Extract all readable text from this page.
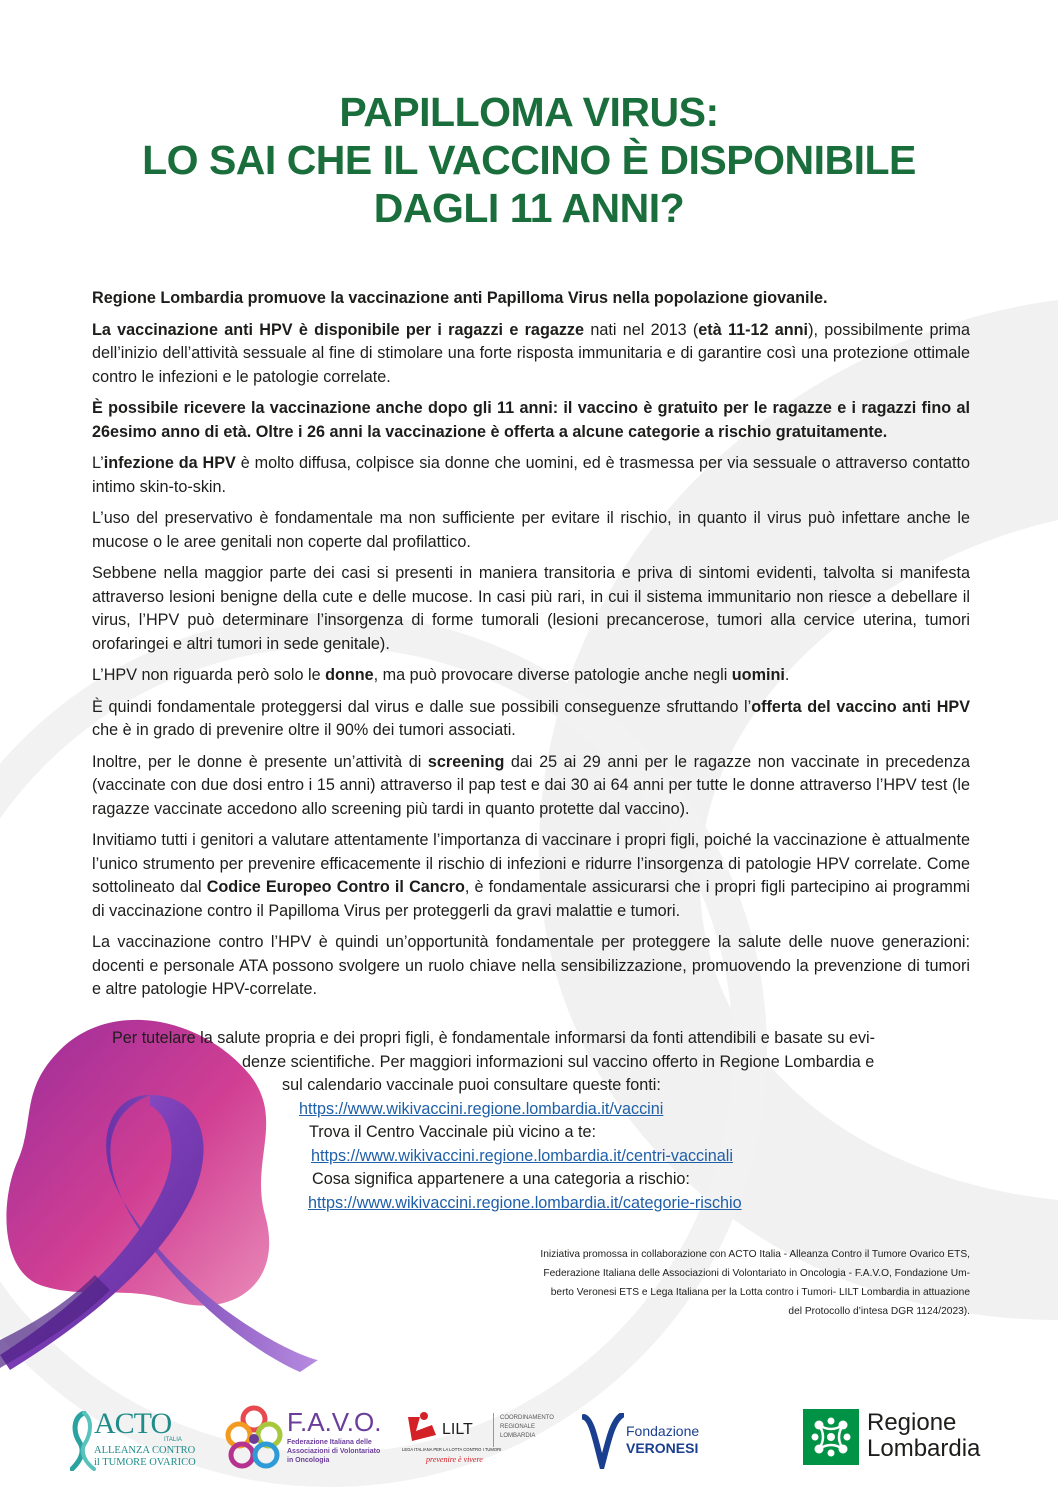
PAPILLOMA VIRUS:
LO SAI CHE IL VACCINO È DISPONIBILE
DAGLI 11 ANNI?

Regione Lombardia promuove la vaccinazione anti Papilloma Virus nella popolazione giovanile.

La vaccinazione anti HPV è disponibile per i ragazzi e ragazze nati nel 2013 (età 11-12 anni), possibilmente prima dell’inizio dell’attività sessuale al fine di stimolare una forte risposta immunitaria e di garantire così una protezione ottimale contro le infezioni e le patologie correlate.

È possibile ricevere la vaccinazione anche dopo gli 11 anni: il vaccino è gratuito per le ragazze e i ragazzi fino al 26esimo anno di età. Oltre i 26 anni la vaccinazione è offerta a alcune categorie a rischio gratuitamente.

L’infezione da HPV è molto diffusa, colpisce sia donne che uomini, ed è trasmessa per via sessuale o attraverso contatto intimo skin-to-skin.

L’uso del preservativo è fondamentale ma non sufficiente per evitare il rischio, in quanto il virus può infettare anche le mucose o le aree genitali non coperte dal profilattico.

Sebbene nella maggior parte dei casi si presenti in maniera transitoria e priva di sintomi evidenti, talvolta si manifesta attraverso lesioni benigne della cute e delle mucose. In casi più rari, in cui il sistema immunitario non riesce a debellare il virus, l’HPV può determinare l’insorgenza di forme tumorali (lesioni precancerose, tumori alla cervice uterina, tumori orofaringei e altri tumori in sede genitale).

L’HPV non riguarda però solo le donne, ma può provocare diverse patologie anche negli uomini.

È quindi fondamentale proteggersi dal virus e dalle sue possibili conseguenze sfruttando l’offerta del vaccino anti HPV che è in grado di prevenire oltre il 90% dei tumori associati.

Inoltre, per le donne è presente un’attività di screening dai 25 ai 29 anni per le ragazze non vaccinate in precedenza (vaccinate con due dosi entro i 15 anni) attraverso il pap test e dai 30 ai 64 anni per tutte le donne attraverso l’HPV test (le ragazze vaccinate accedono allo screening più tardi in quanto protette dal vaccino).

Invitiamo tutti i genitori a valutare attentamente l’importanza di vaccinare i propri figli, poiché la vaccinazione è attualmente l’unico strumento per prevenire efficacemente il rischio di infezioni e ridurre l’insorgenza di patologie HPV correlate. Come sottolineato dal Codice Europeo Contro il Cancro, è fondamentale assicurarsi che i propri figli partecipino ai programmi di vaccinazione contro il Papilloma Virus per proteggerli da gravi malattie e tumori.

La vaccinazione contro l’HPV è quindi un’opportunità fondamentale per proteggere la salute delle nuove generazioni: docenti e personale ATA possono svolgere un ruolo chiave nella sensibilizzazione, promuovendo la prevenzione di tumori e altre patologie HPV-correlate.

Per tutelare la salute propria e dei propri figli, è fondamentale informarsi da fonti attendibili e basate su evi-
denze scientifiche. Per maggiori informazioni sul vaccino offerto in Regione Lombardia e
sul calendario vaccinale puoi consultare queste fonti:
https://www.wikivaccini.regione.lombardia.it/vaccini
Trova il Centro Vaccinale più vicino a te:
https://www.wikivaccini.regione.lombardia.it/centri-vaccinali
Cosa significa appartenere a una categoria a rischio:
https://www.wikivaccini.regione.lombardia.it/categorie-rischio
Iniziativa promossa in collaborazione con ACTO Italia - Alleanza Contro il Tumore Ovarico ETS,
Federazione Italiana delle Associazioni di Volontariato in Oncologia - F.A.V.O, Fondazione Um-
berto Veronesi ETS e Lega Italiana per la Lotta contro i Tumori- LILT Lombardia in attuazione
del Protocollo d’intesa DGR 1124/2023).
ACTO
ITALIA
ALLEANZA CONTRO
il TUMORE OVARICO
F.A.V.O.
Federazione Italiana delle
Associazioni di Volontariato
in Oncologia
LILT
LEGA ITALIANA PER LA LOTTA CONTRO I TUMORI
prevenire è vivere
COORDINAMENTO
REGIONALE
LOMBARDIA	Fondazione
VERONESI
Regione
Lombardia
